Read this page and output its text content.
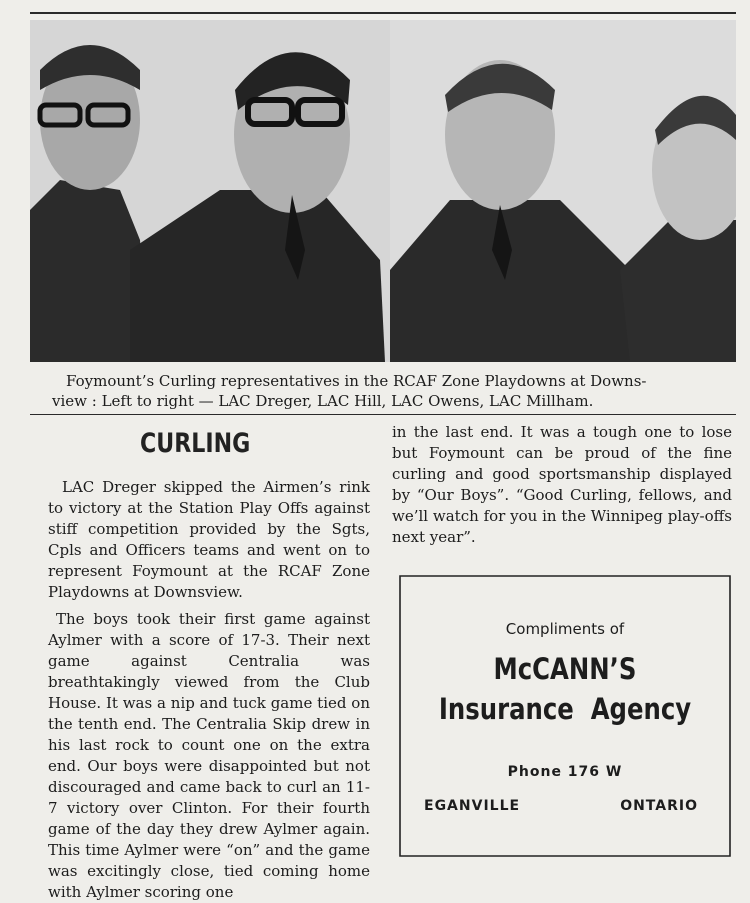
Foymount’s Curling representatives in the RCAF Zone Playdowns at Downs-

view : Left to right — LAC Dreger, LAC Hill, LAC Owens, LAC Millham.

CURLING

LAC Dreger skipped the Airmen’s rink to victory at the Station Play Offs against stiff competition provided by the Sgts, Cpls and Officers teams and went on to represent Foymount at the RCAF Zone Playdowns at Downsview.

The boys took their first game against Aylmer with a score of 17-3. Their next game against Centralia was breathtakingly viewed from the Club House. It was a nip and tuck game tied on the tenth end. The Centralia Skip drew in his last rock to count one on the extra end. Our boys were disappointed but not discouraged and came back to curl an 11-7 victory over Clinton. For their fourth game of the day they drew Aylmer again. This time Aylmer were “on” and the game was excitingly close, tied coming home with Aylmer scoring one

in the last end. It was a tough one to lose but Foymount can be proud of the fine curling and good sportsmanship displayed by “Our Boys”. “Good Curling, fellows, and we’ll watch for you in the Winnipeg play-offs next year”.

Compliments of
McCANN’S
Insurance Agency
Phone 176 W
EGANVILLE	ONTARIO
